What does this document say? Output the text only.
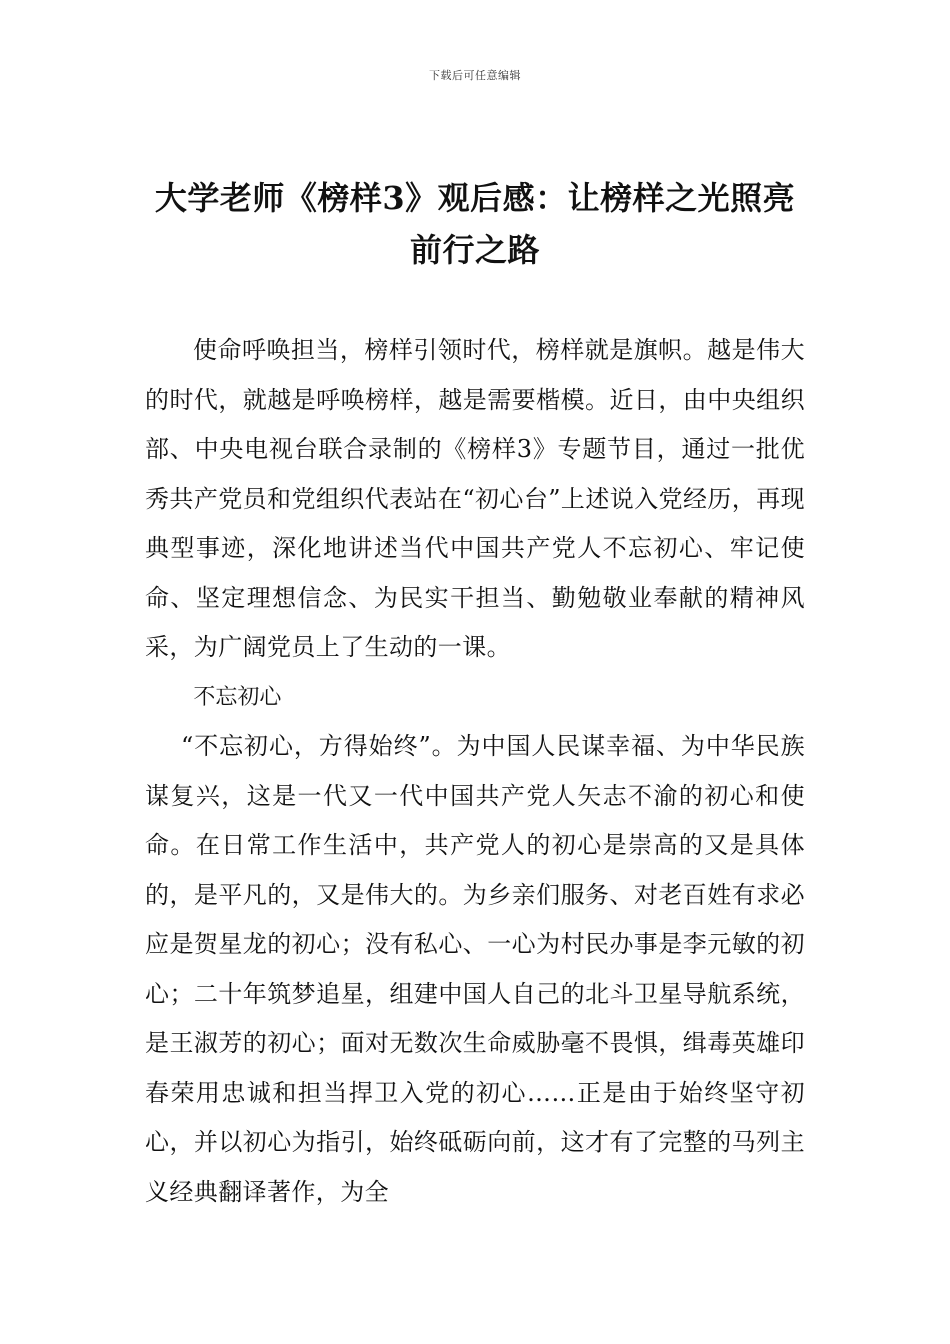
下载后可任意编辑
大学老师《榜样3》观后感：让榜样之光照亮前行之路

使命呼唤担当，榜样引领时代，榜样就是旗帜。越是伟大的时代，就越是呼唤榜样，越是需要楷模。近日，由中央组织部、中央电视台联合录制的《榜样3》专题节目，通过一批优秀共产党员和党组织代表站在“初心台”上述说入党经历，再现典型事迹，深化地讲述当代中国共产党人不忘初心、牢记使命、坚定理想信念、为民实干担当、勤勉敬业奉献的精神风采，为广阔党员上了生动的一课。

不忘初心

“不忘初心，方得始终”。为中国人民谋幸福、为中华民族谋复兴，这是一代又一代中国共产党人矢志不渝的初心和使命。在日常工作生活中，共产党人的初心是崇高的又是具体的，是平凡的，又是伟大的。为乡亲们服务、对老百姓有求必应是贺星龙的初心；没有私心、一心为村民办事是李元敏的初心；二十年筑梦追星，组建中国人自己的北斗卫星导航系统，是王淑芳的初心；面对无数次生命威胁毫不畏惧，缉毒英雄印春荣用忠诚和担当捍卫入党的初心……正是由于始终坚守初心，并以初心为指引，始终砥砺向前，这才有了完整的马列主义经典翻译著作，为全
